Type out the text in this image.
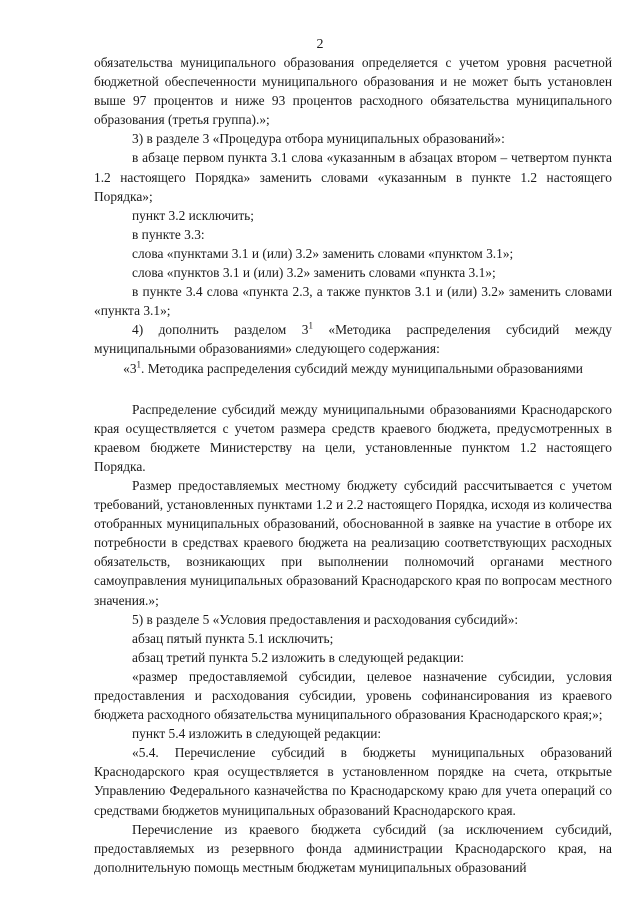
2

обязательства муниципального образования определяется с учетом уровня расчетной бюджетной обеспеченности муниципального образования и не может быть установлен выше 97 процентов и ниже 93 процентов расходного обязательства муниципального образования (третья группа).»;

3) в разделе 3 «Процедура отбора муниципальных образований»:

в абзаце первом пункта 3.1 слова «указанным в абзацах втором – четвертом пункта 1.2 настоящего Порядка» заменить словами «указанным в пункте 1.2 настоящего Порядка»;

пункт 3.2 исключить;

в пункте 3.3:

слова «пунктами 3.1 и (или) 3.2» заменить словами «пунктом 3.1»;

слова «пунктов 3.1 и (или) 3.2» заменить словами «пункта 3.1»;

в пункте 3.4 слова «пункта 2.3, а также пунктов 3.1 и (или) 3.2» заменить словами «пункта 3.1»;

4) дополнить разделом $3^1$ «Методика распределения субсидий между муниципальными образованиями» следующего содержания:

«$3^1$. Методика распределения субсидий между муниципальными образованиями

Распределение субсидий между муниципальными образованиями Краснодарского края осуществляется с учетом размера средств краевого бюджета, предусмотренных в краевом бюджете Министерству на цели, установленные пунктом 1.2 настоящего Порядка.

Размер предоставляемых местному бюджету субсидий рассчитывается с учетом требований, установленных пунктами 1.2 и 2.2 настоящего Порядка, исходя из количества отобранных муниципальных образований, обоснованной в заявке на участие в отборе их потребности в средствах краевого бюджета на реализацию соответствующих расходных обязательств, возникающих при выполнении полномочий органами местного самоуправления муниципальных образований Краснодарского края по вопросам местного значения.»;

5) в разделе 5 «Условия предоставления и расходования субсидий»:

абзац пятый пункта 5.1 исключить;

абзац третий пункта 5.2 изложить в следующей редакции:

«размер предоставляемой субсидии, целевое назначение субсидии, условия предоставления и расходования субсидии, уровень софинансирования из краевого бюджета расходного обязательства муниципального образования Краснодарского края;»;

пункт 5.4 изложить в следующей редакции:

«5.4. Перечисление субсидий в бюджеты муниципальных образований Краснодарского края осуществляется в установленном порядке на счета, открытые Управлению Федерального казначейства по Краснодарскому краю для учета операций со средствами бюджетов муниципальных образований Краснодарского края.

Перечисление из краевого бюджета субсидий (за исключением субсидий, предоставляемых из резервного фонда администрации Краснодарского края, на дополнительную помощь местным бюджетам муниципальных образований
